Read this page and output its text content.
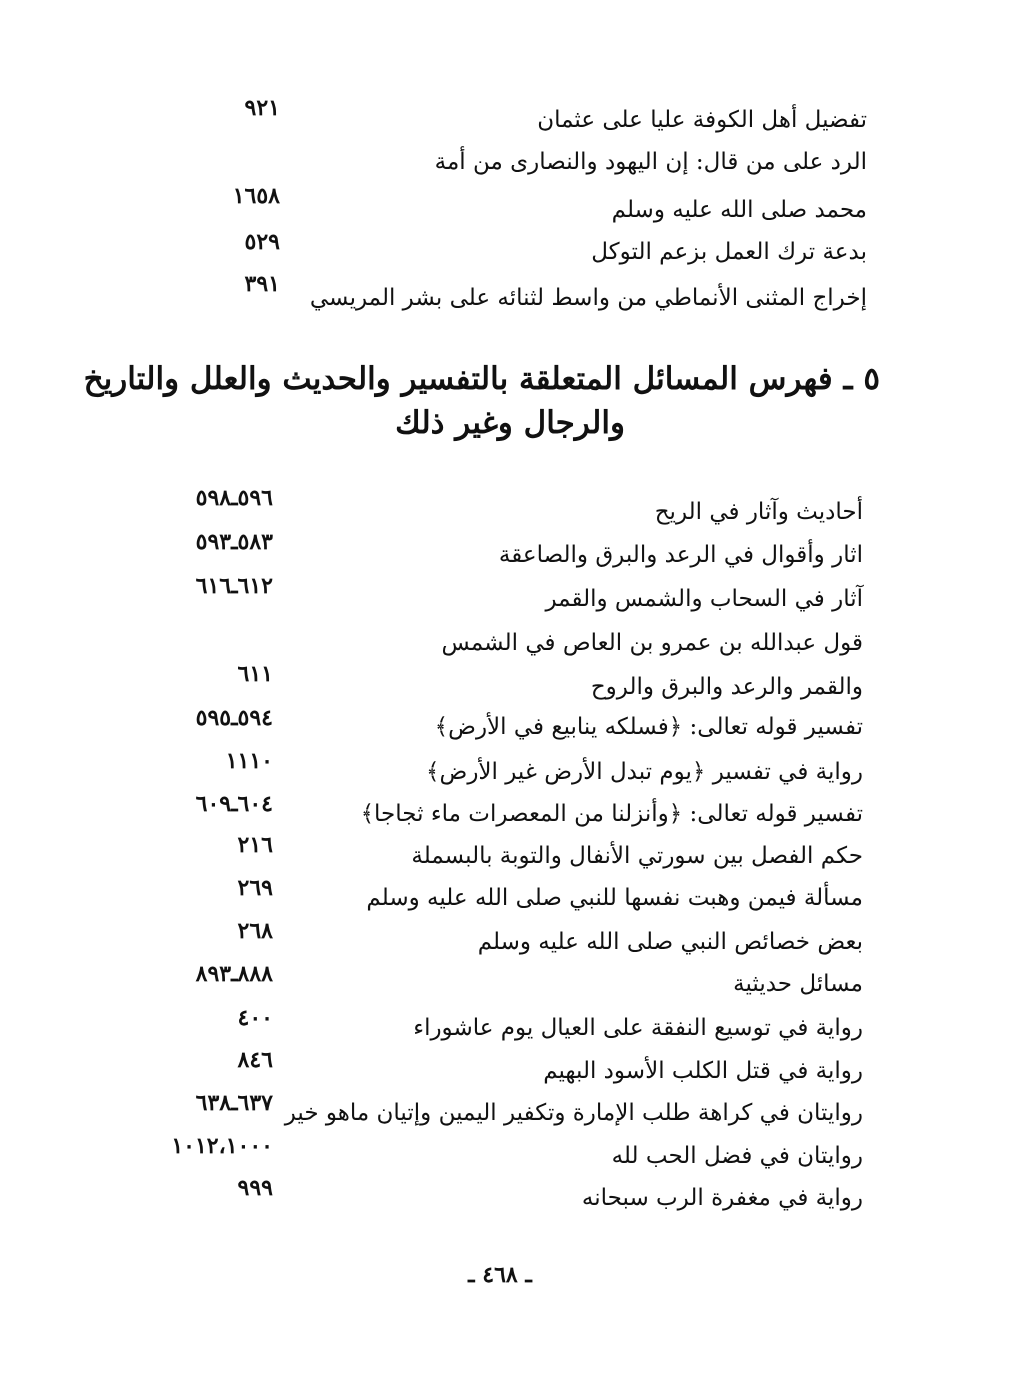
تفضيل أهل الكوفة عليا على عثمان
٩٢١
الرد على من قال: إن اليهود والنصارى من أمة
محمد صلى الله عليه وسلم
١٦٥٨
بدعة ترك العمل بزعم التوكل
٥٢٩
إخراج المثنى الأنماطي من واسط لثنائه على بشر المريسي
٣٩١
٥ ـ فهرس المسائل المتعلقة بالتفسير والحديث والعلل والتاريخ
والرجال وغير ذلك
أحاديث وآثار في الريح
٥٩٦ـ٥٩٨
اثار وأقوال في الرعد والبرق والصاعقة
٥٨٣ـ٥٩٣
آثار في السحاب والشمس والقمر
٦١٢ـ٦١٦
قول عبدالله بن عمرو بن العاص في الشمس
والقمر والرعد والبرق والروح
٦١١
تفسير قوله تعالى: ﴿فسلكه ينابيع في الأرض﴾
٥٩٤ـ٥٩٥
رواية في تفسير ﴿يوم تبدل الأرض غير الأرض﴾
١١١٠
تفسير قوله تعالى: ﴿وأنزلنا من المعصرات ماء ثجاجا﴾
٦٠٤ـ٦٠٩
حكم الفصل بين سورتي الأنفال والتوبة بالبسملة
٢١٦
مسألة فيمن وهبت نفسها للنبي صلى الله عليه وسلم
٢٦٩
بعض خصائص النبي صلى الله عليه وسلم
٢٦٨
مسائل حديثية
٨٨٨ـ٨٩٣
رواية في توسيع النفقة على العيال يوم عاشوراء
٤٠٠
رواية في قتل الكلب الأسود البهيم
٨٤٦
روايتان في كراهة طلب الإمارة وتكفير اليمين وإتيان ماهو خير
٦٣٧ـ٦٣٨
روايتان في فضل الحب لله
١٠١٢،١٠٠٠
رواية في مغفرة الرب سبحانه
٩٩٩
ـ ٤٦٨ ـ
